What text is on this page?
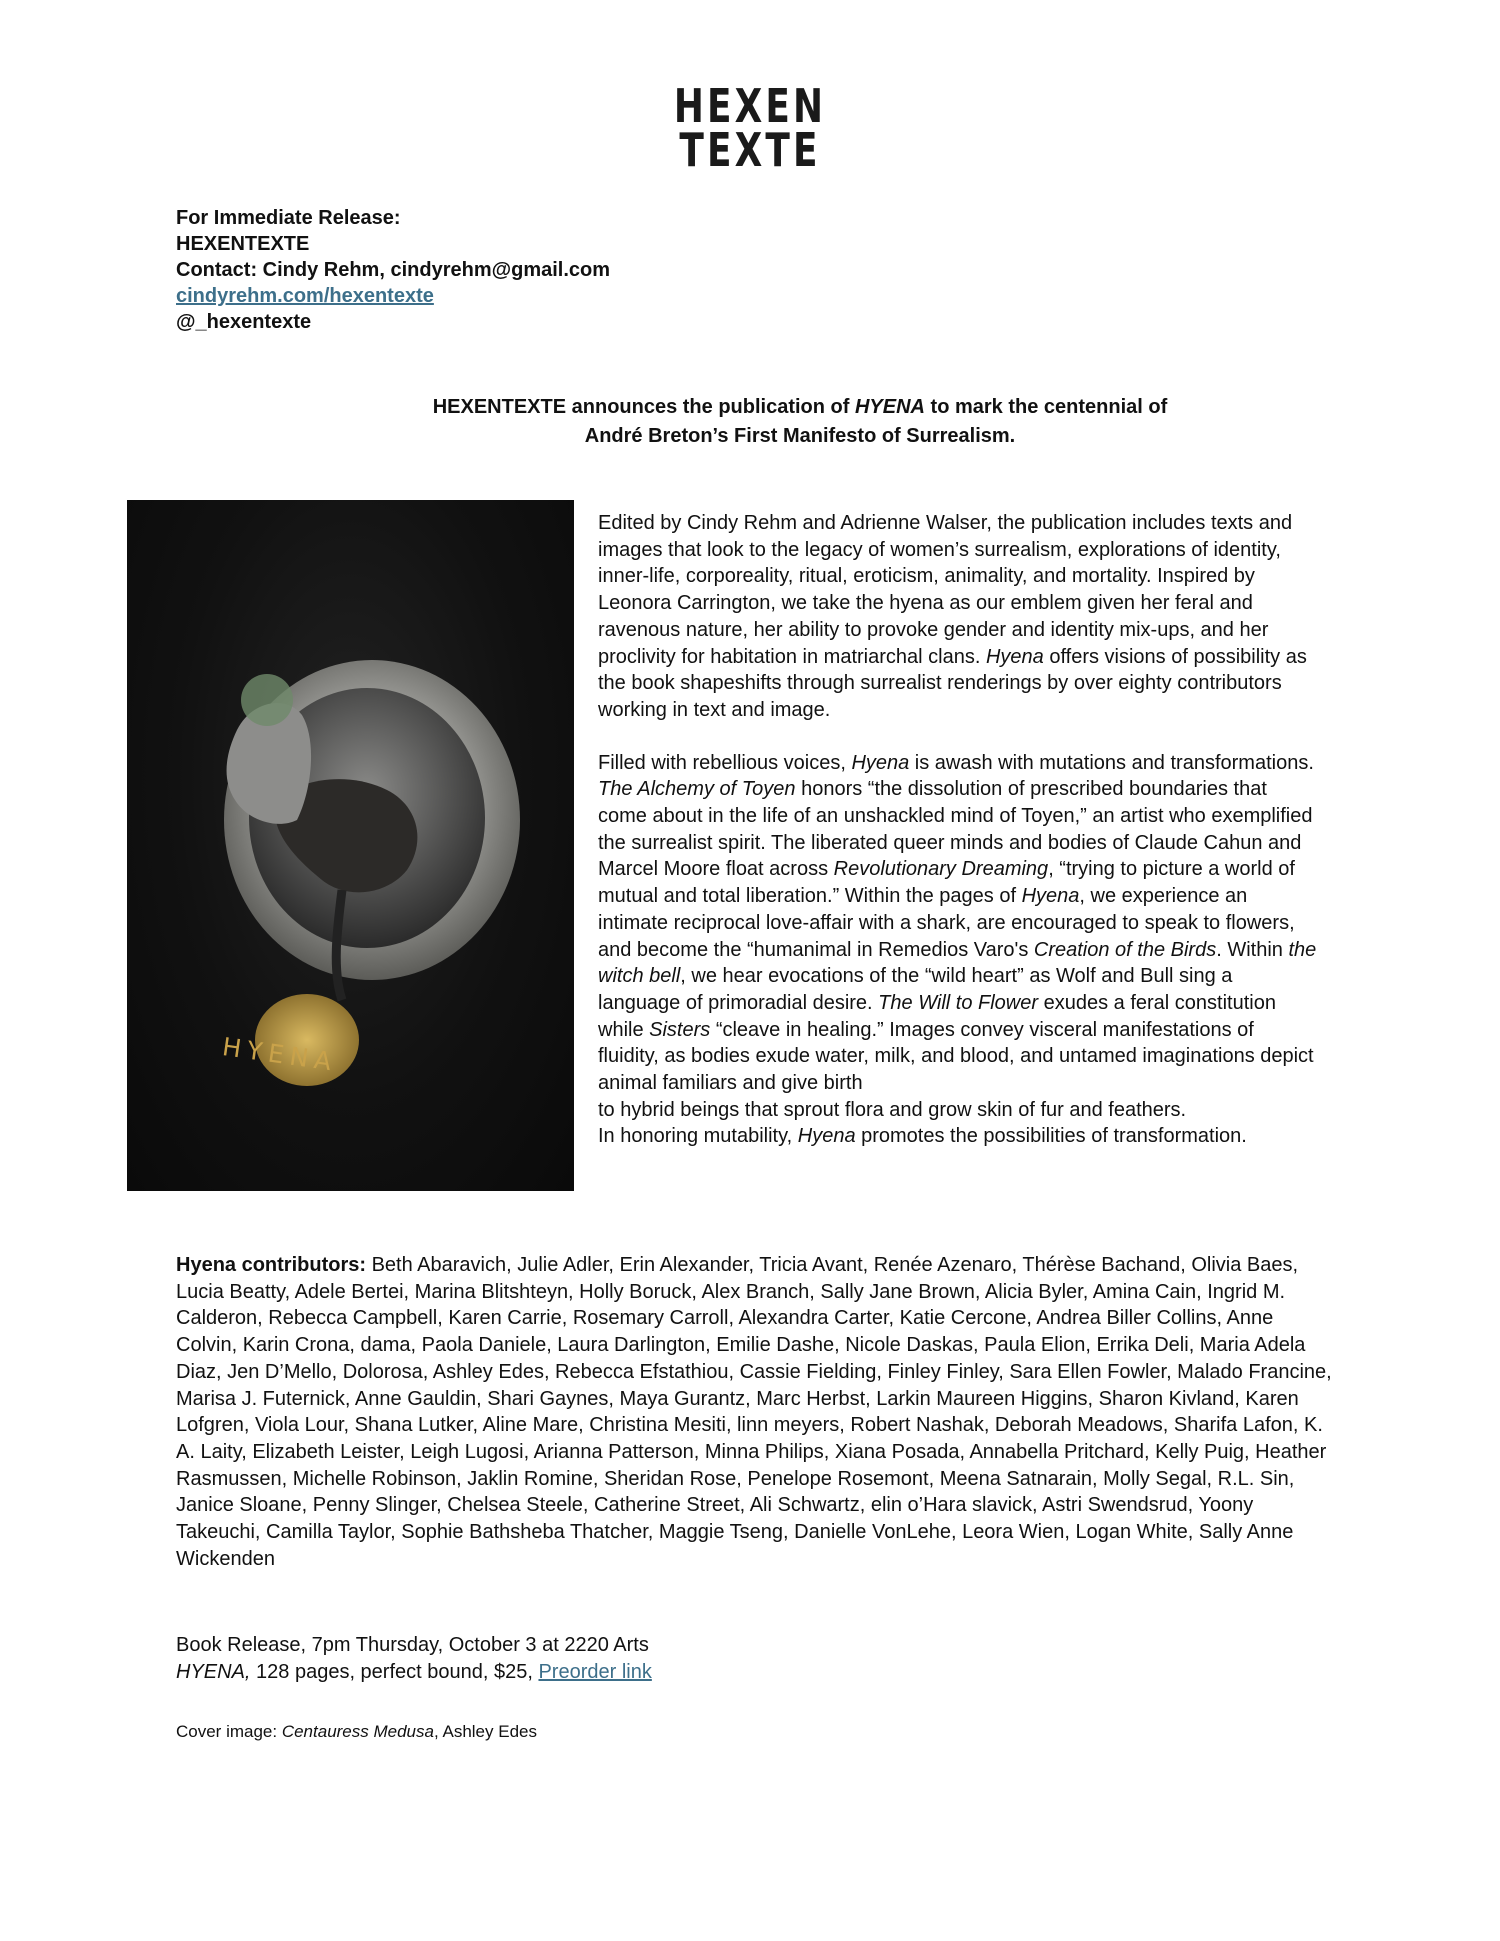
HEXEN
TEXTE
For Immediate Release:
HEXENTEXTE
Contact: Cindy Rehm, cindyrehm@gmail.com
cindyrehm.com/hexentexte
@_hexentexte
HEXENTEXTE announces the publication of HYENA to mark the centennial of
André Breton’s First Manifesto of Surrealism.
HYENA

Edited by Cindy Rehm and Adrienne Walser, the publication includes texts and images that look to the legacy of women’s surrealism, explorations of identity, inner-life, corporeality, ritual, eroticism, animality, and mortality. Inspired by Leonora Carrington, we take the hyena as our emblem given her feral and ravenous nature, her ability to provoke gender and identity mix-ups, and her proclivity for habitation in matriarchal clans. Hyena offers visions of possibility as the book shapeshifts through surrealist renderings by over eighty contributors working in text and image.

Filled with rebellious voices, Hyena is awash with mutations and transformations. The Alchemy of Toyen honors “the dissolution of prescribed boundaries that come about in the life of an unshackled mind of Toyen,” an artist who exemplified the surrealist spirit. The liberated queer minds and bodies of Claude Cahun and Marcel Moore float across Revolutionary Dreaming, “trying to picture a world of mutual and total liberation.” Within the pages of Hyena, we experience an intimate reciprocal love-affair with a shark, are encouraged to speak to flowers, and become the “humanimal in Remedios Varo's Creation of the Birds. Within the witch bell, we hear evocations of the “wild heart” as Wolf and Bull sing a language of primoradial desire. The Will to Flower exudes a feral constitution while Sisters “cleave in healing.” Images convey visceral manifestations of fluidity, as bodies exude water, milk, and blood, and untamed imaginations depict animal familiars and give birth
to hybrid beings that sprout flora and grow skin of fur and feathers.
In honoring mutability, Hyena promotes the possibilities of transformation.

Hyena contributors: Beth Abaravich, Julie Adler, Erin Alexander, Tricia Avant, Renée Azenaro, Thérèse Bachand, Olivia Baes, Lucia Beatty, Adele Bertei, Marina Blitshteyn, Holly Boruck, Alex Branch, Sally Jane Brown, Alicia Byler, Amina Cain, Ingrid M. Calderon, Rebecca Campbell, Karen Carrie, Rosemary Carroll, Alexandra Carter, Katie Cercone, Andrea Biller Collins, Anne Colvin, Karin Crona, dama, Paola Daniele, Laura Darlington, Emilie Dashe, Nicole Daskas, Paula Elion, Errika Deli, Maria Adela Diaz, Jen D’Mello, Dolorosa, Ashley Edes, Rebecca Efstathiou, Cassie Fielding, Finley Finley, Sara Ellen Fowler, Malado Francine, Marisa J. Futernick, Anne Gauldin, Shari Gaynes, Maya Gurantz, Marc Herbst, Larkin Maureen Higgins, Sharon Kivland, Karen Lofgren, Viola Lour, Shana Lutker, Aline Mare, Christina Mesiti, linn meyers, Robert Nashak, Deborah Meadows, Sharifa Lafon, K. A. Laity, Elizabeth Leister, Leigh Lugosi, Arianna Patterson, Minna Philips, Xiana Posada, Annabella Pritchard, Kelly Puig, Heather Rasmussen, Michelle Robinson, Jaklin Romine, Sheridan Rose, Penelope Rosemont, Meena Satnarain, Molly Segal, R.L. Sin, Janice Sloane, Penny Slinger, Chelsea Steele, Catherine Street, Ali Schwartz, elin o’Hara slavick, Astri Swendsrud, Yoony Takeuchi, Camilla Taylor, Sophie Bathsheba Thatcher, Maggie Tseng, Danielle VonLehe, Leora Wien, Logan White, Sally Anne Wickenden
Book Release, 7pm Thursday, October 3 at 2220 Arts
HYENA, 128 pages, perfect bound, $25, Preorder link
Cover image: Centauress Medusa, Ashley Edes
